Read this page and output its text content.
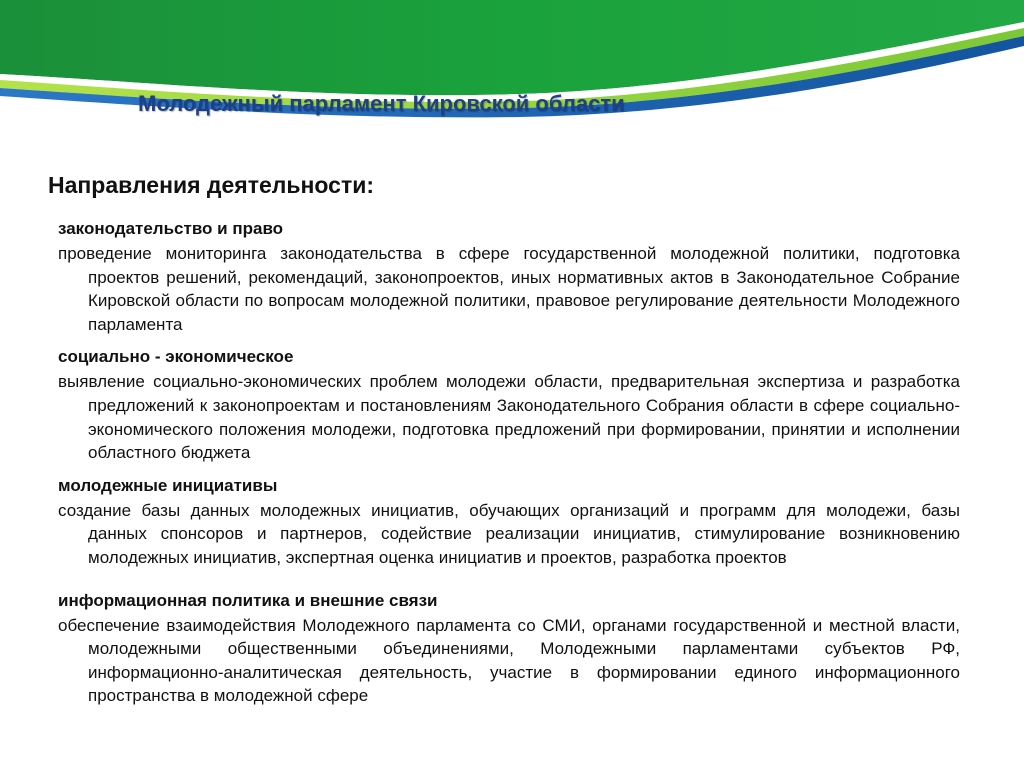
Молодежный парламент Кировской области
Направления деятельности:

законодательство и право

проведение мониторинга законодательства в сфере государственной молодежной политики, подготовка проектов решений, рекомендаций, законопроектов, иных нормативных актов в Законодательное Собрание Кировской области по вопросам молодежной политики, правовое регулирование деятельности Молодежного парламента

социально - экономическое

выявление социально-экономических проблем молодежи области, предварительная экспертиза и разработка предложений к законопроектам и постановлениям Законодательного Собрания области в сфере социально-экономического положения молодежи, подготовка предложений при формировании, принятии и исполнении областного бюджета

молодежные инициативы

создание базы данных молодежных инициатив, обучающих организаций и программ для молодежи, базы данных спонсоров и партнеров, содействие реализации инициатив, стимулирование возникновению молодежных инициатив, экспертная оценка инициатив и проектов, разработка проектов

информационная политика и внешние связи

обеспечение взаимодействия Молодежного парламента со СМИ, органами государственной и местной власти, молодежными общественными объединениями, Молодежными парламентами субъектов РФ, информационно-аналитическая деятельность, участие в формировании единого информационного пространства в молодежной сфере
